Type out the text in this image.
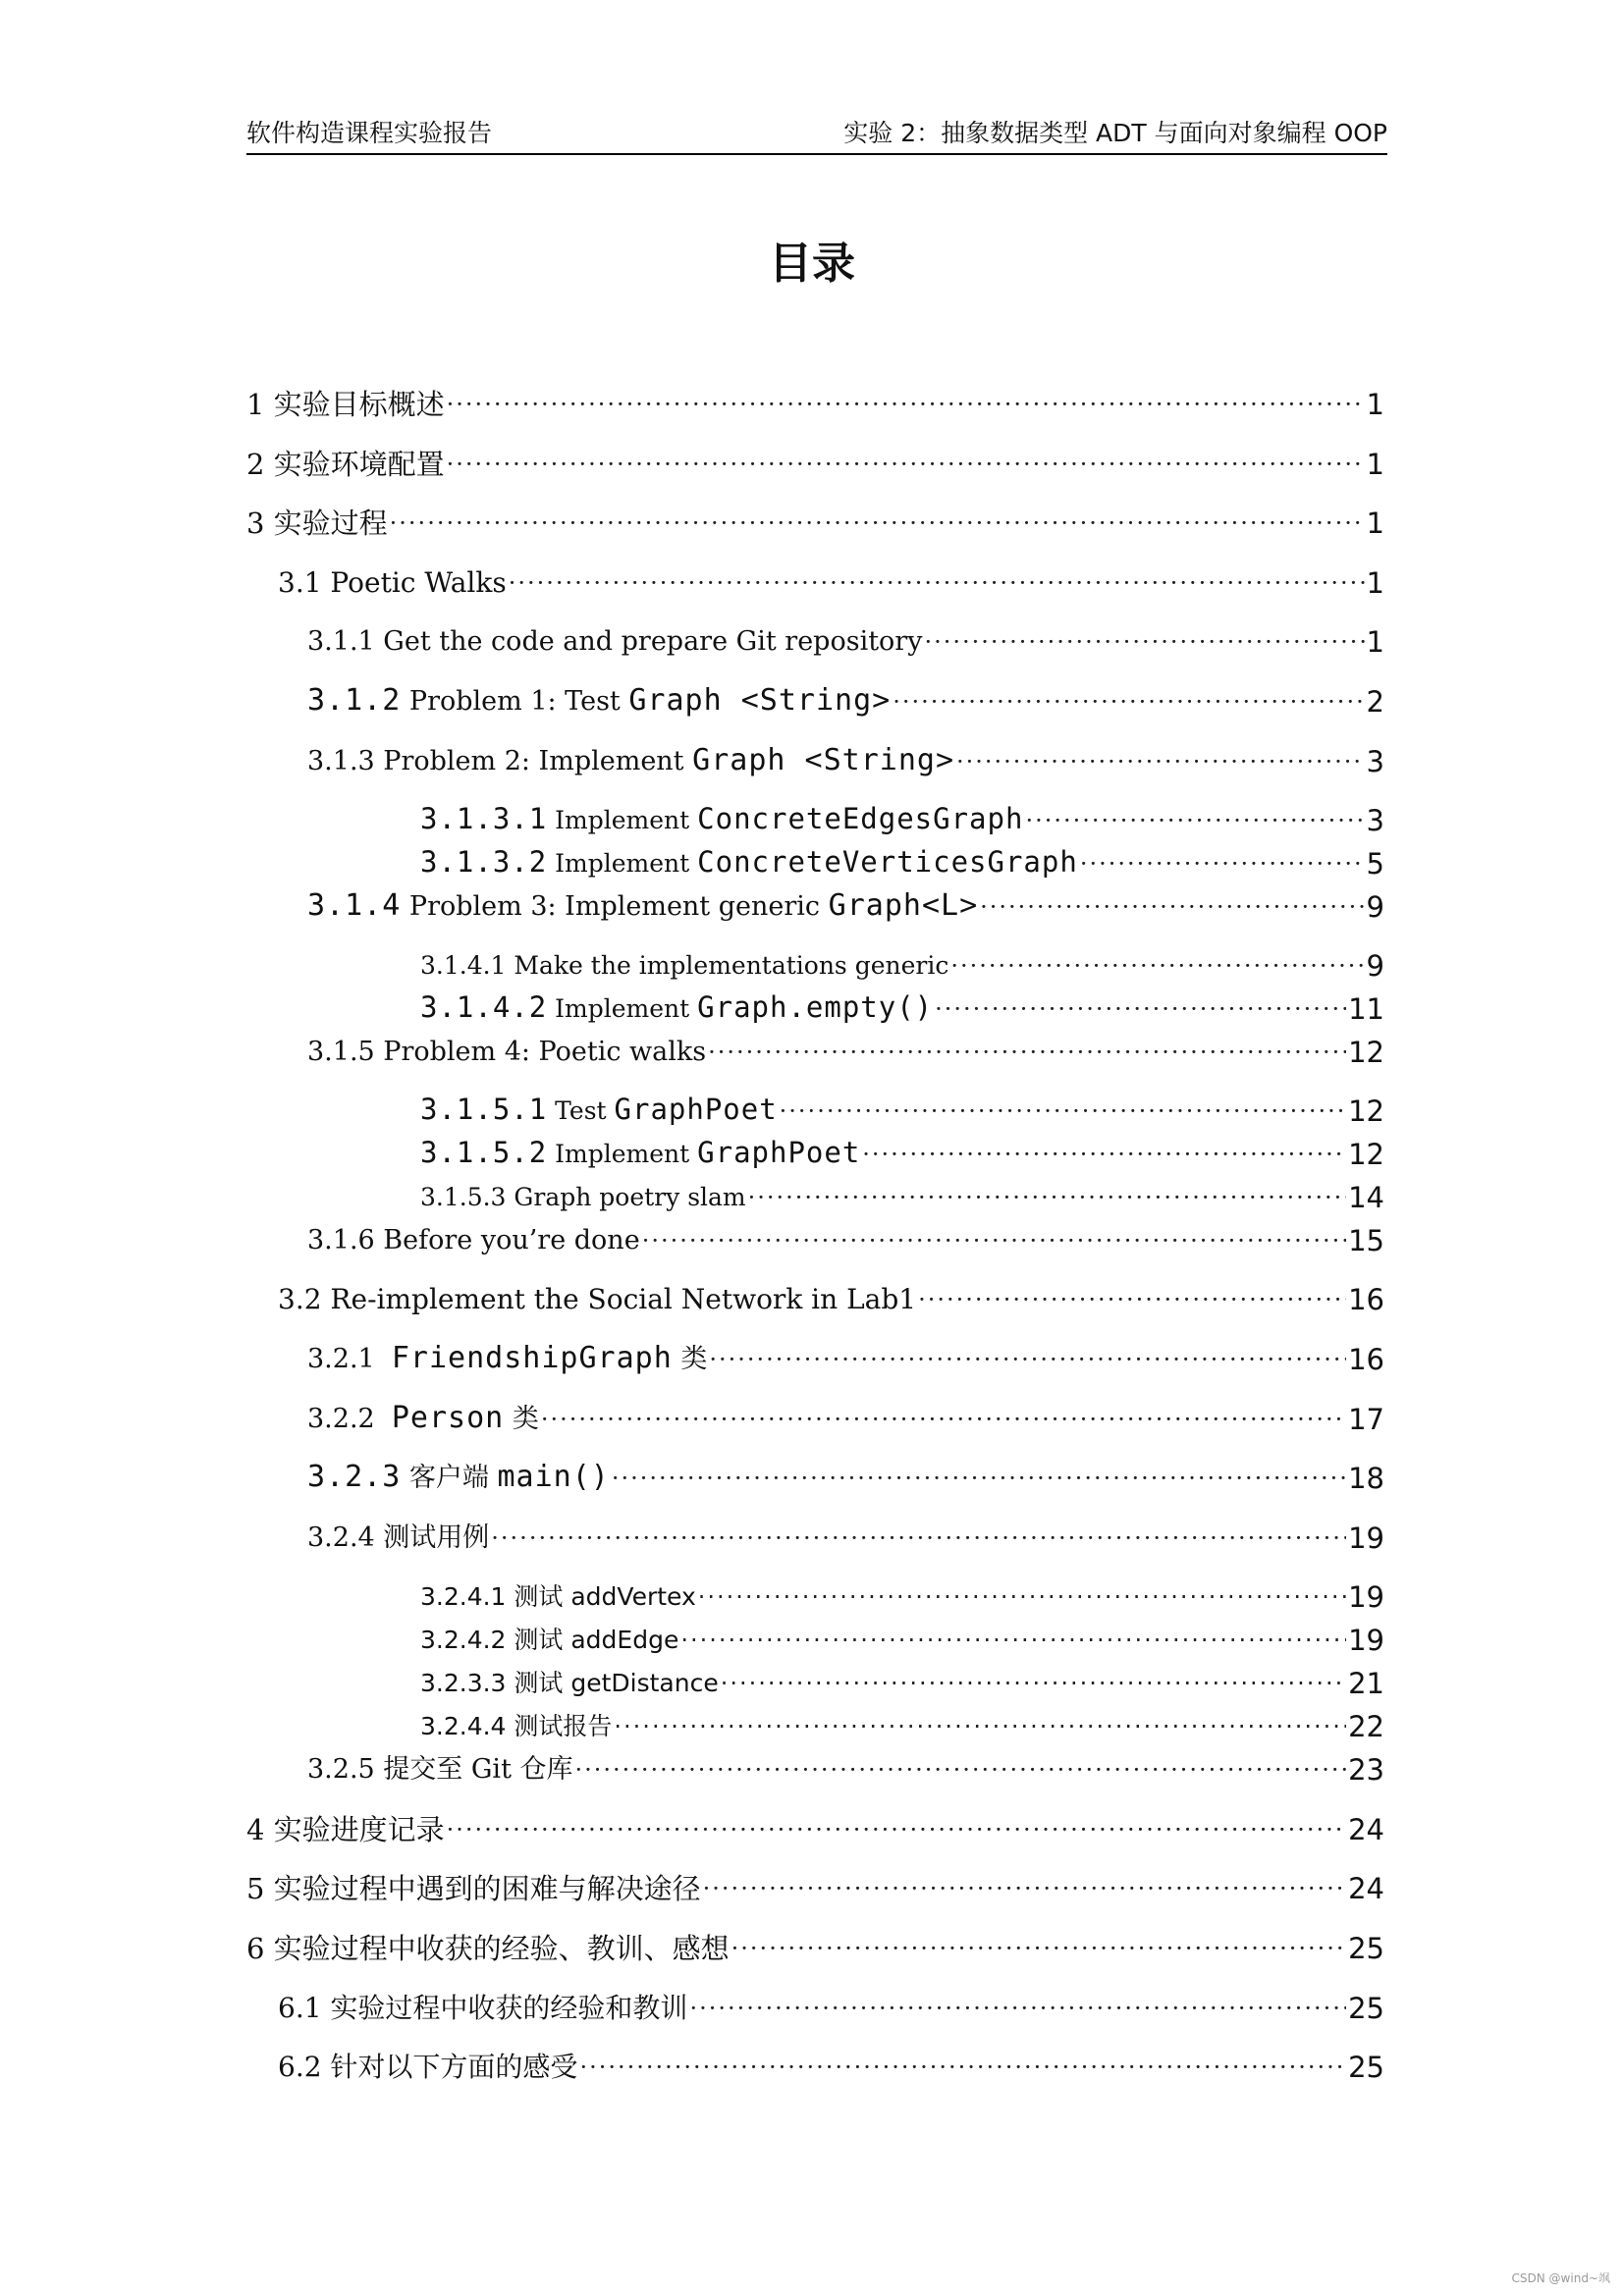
软件构造课程实验报告	实验 2：抽象数据类型 ADT 与面向对象编程 OOP
目录
1 实验目标概述 ·····	1
2 实验环境配置 ·····	1
3 实验过程 ·····	1
3.1 Poetic Walks ·····	1
3.1.1 Get the code and prepare Git repository ·····	1
3.1.2 Problem 1: Test Graph <String> ·····	2
3.1.3 Problem 2: Implement Graph <String> ·····	3
3.1.3.1 Implement ConcreteEdgesGraph ·····	3
3.1.3.2 Implement ConcreteVerticesGraph ·····	5
3.1.4 Problem 3: Implement generic Graph<L> ·····	9
3.1.4.1 Make the implementations generic ·····	9
3.1.4.2 Implement Graph.empty() ·····	11
3.1.5 Problem 4: Poetic walks ·····	12
3.1.5.1 Test GraphPoet ·····	12
3.1.5.2 Implement GraphPoet ·····	12
3.1.5.3 Graph poetry slam ·····	14
3.1.6 Before you’re done ·····	15
3.2 Re-implement the Social Network in Lab1 ·····	16
3.2.1 FriendshipGraph 类 ·····	16
3.2.2 Person 类 ·····	17
3.2.3 客户端 main() ·····	18
3.2.4 测试用例 ·····	19
3.2.4.1 测试 addVertex ·····	19
3.2.4.2 测试 addEdge ·····	19
3.2.3.3 测试 getDistance ·····	21
3.2.4.4 测试报告 ·····	22
3.2.5 提交至 Git 仓库 ·····	23
4 实验进度记录 ·····	24
5 实验过程中遇到的困难与解决途径 ·····	24
6 实验过程中收获的经验、教训、感想 ·····	25
6.1 实验过程中收获的经验和教训 ·····	25
6.2 针对以下方面的感受 ·····	25
CSDN @wind~飒
